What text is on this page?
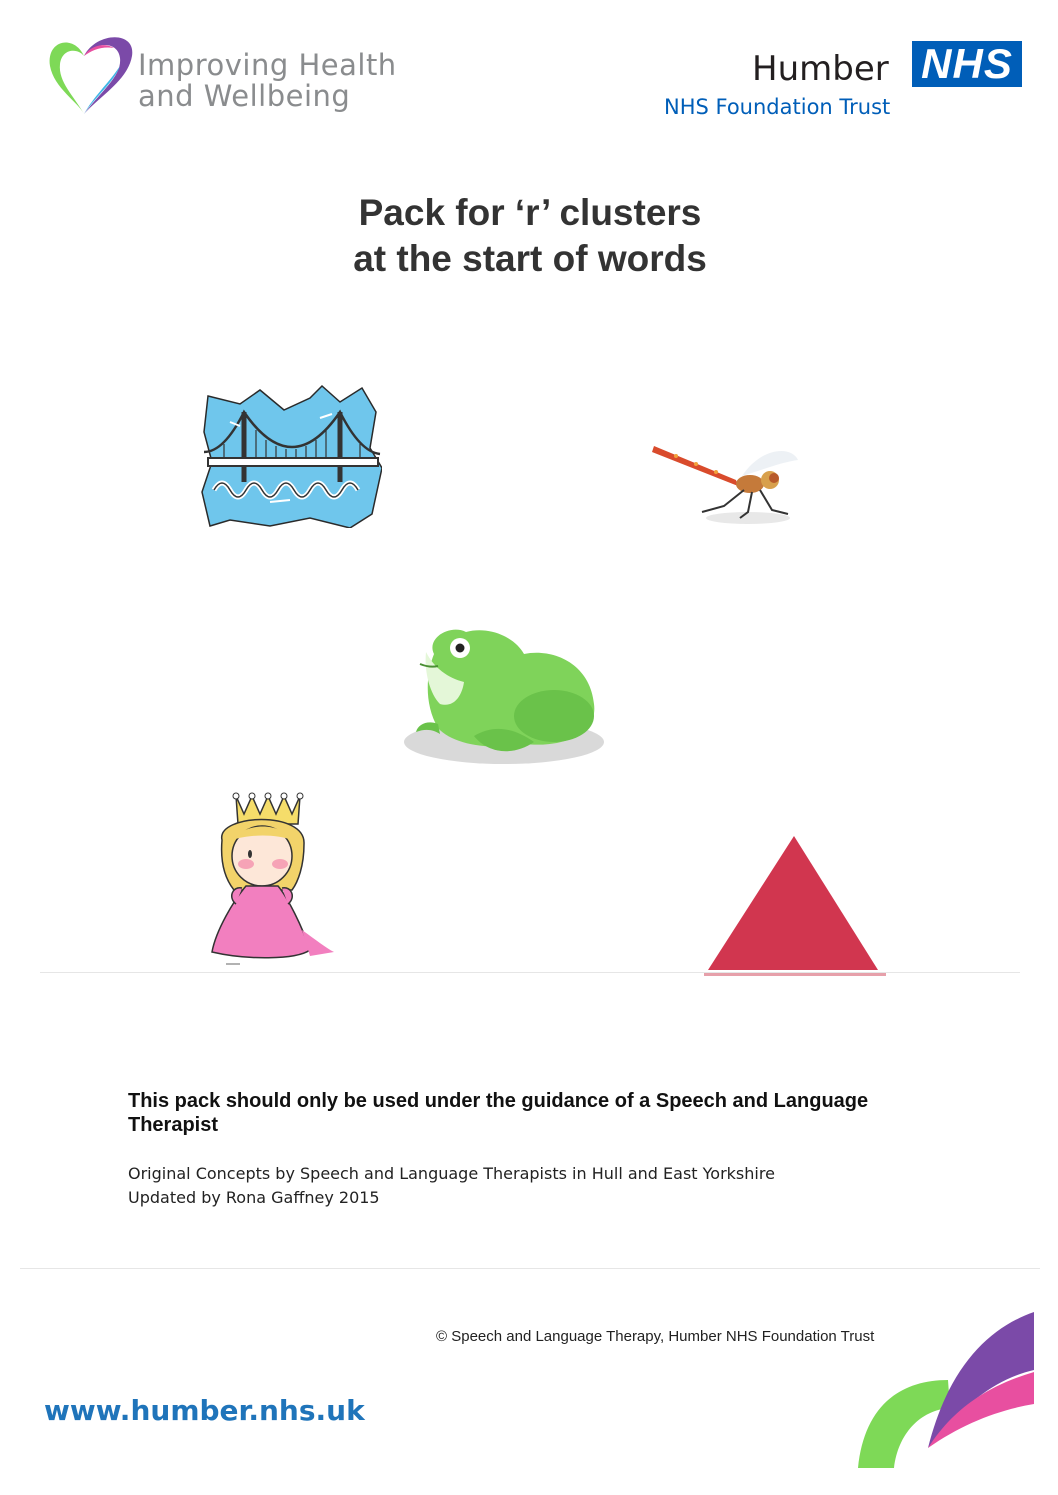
Improving Health
and Wellbeing
Humber NHS
NHS Foundation Trust
Pack for ‘r’ clusters
at the start of words
This pack should only be used under the guidance of a Speech and Language Therapist
Original Concepts by Speech and Language Therapists in Hull and East Yorkshire
Updated by Rona Gaffney 2015
© Speech and Language Therapy, Humber NHS Foundation Trust
www.humber.nhs.uk
